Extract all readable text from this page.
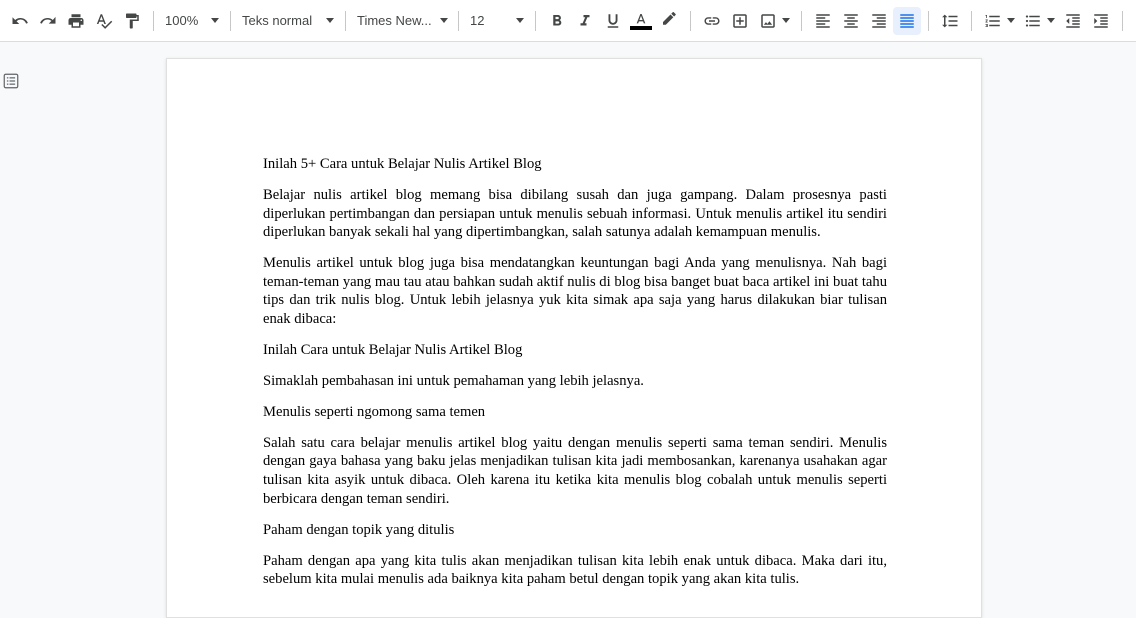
100%	Teks normal	Times New...	12

Inilah 5+ Cara untuk Belajar Nulis Artikel Blog

Belajar nulis artikel blog memang bisa dibilang susah dan juga gampang. Dalam prosesnya pasti diperlukan pertimbangan dan persiapan untuk menulis sebuah informasi. Untuk menulis artikel itu sendiri diperlukan banyak sekali hal yang dipertimbangkan, salah satunya adalah kemampuan menulis.

Menulis artikel untuk blog juga bisa mendatangkan keuntungan bagi Anda yang menulisnya. Nah bagi teman-teman yang mau tau atau bahkan sudah aktif nulis di blog bisa banget buat baca artikel ini buat tahu tips dan trik nulis blog. Untuk lebih jelasnya yuk kita simak apa saja yang harus dilakukan biar tulisan enak dibaca:

Inilah Cara untuk Belajar Nulis Artikel Blog

Simaklah pembahasan ini untuk pemahaman yang lebih jelasnya.

Menulis seperti ngomong sama temen

Salah satu cara belajar menulis artikel blog yaitu dengan menulis seperti sama teman sendiri. Menulis dengan gaya bahasa yang baku jelas menjadikan tulisan kita jadi membosankan, karenanya usahakan agar tulisan kita asyik untuk dibaca. Oleh karena itu ketika kita menulis blog cobalah untuk menulis seperti berbicara dengan teman sendiri.

Paham dengan topik yang ditulis

Paham dengan apa yang kita tulis akan menjadikan tulisan kita lebih enak untuk dibaca. Maka dari itu, sebelum kita mulai menulis ada baiknya kita paham betul dengan topik yang akan kita tulis.
